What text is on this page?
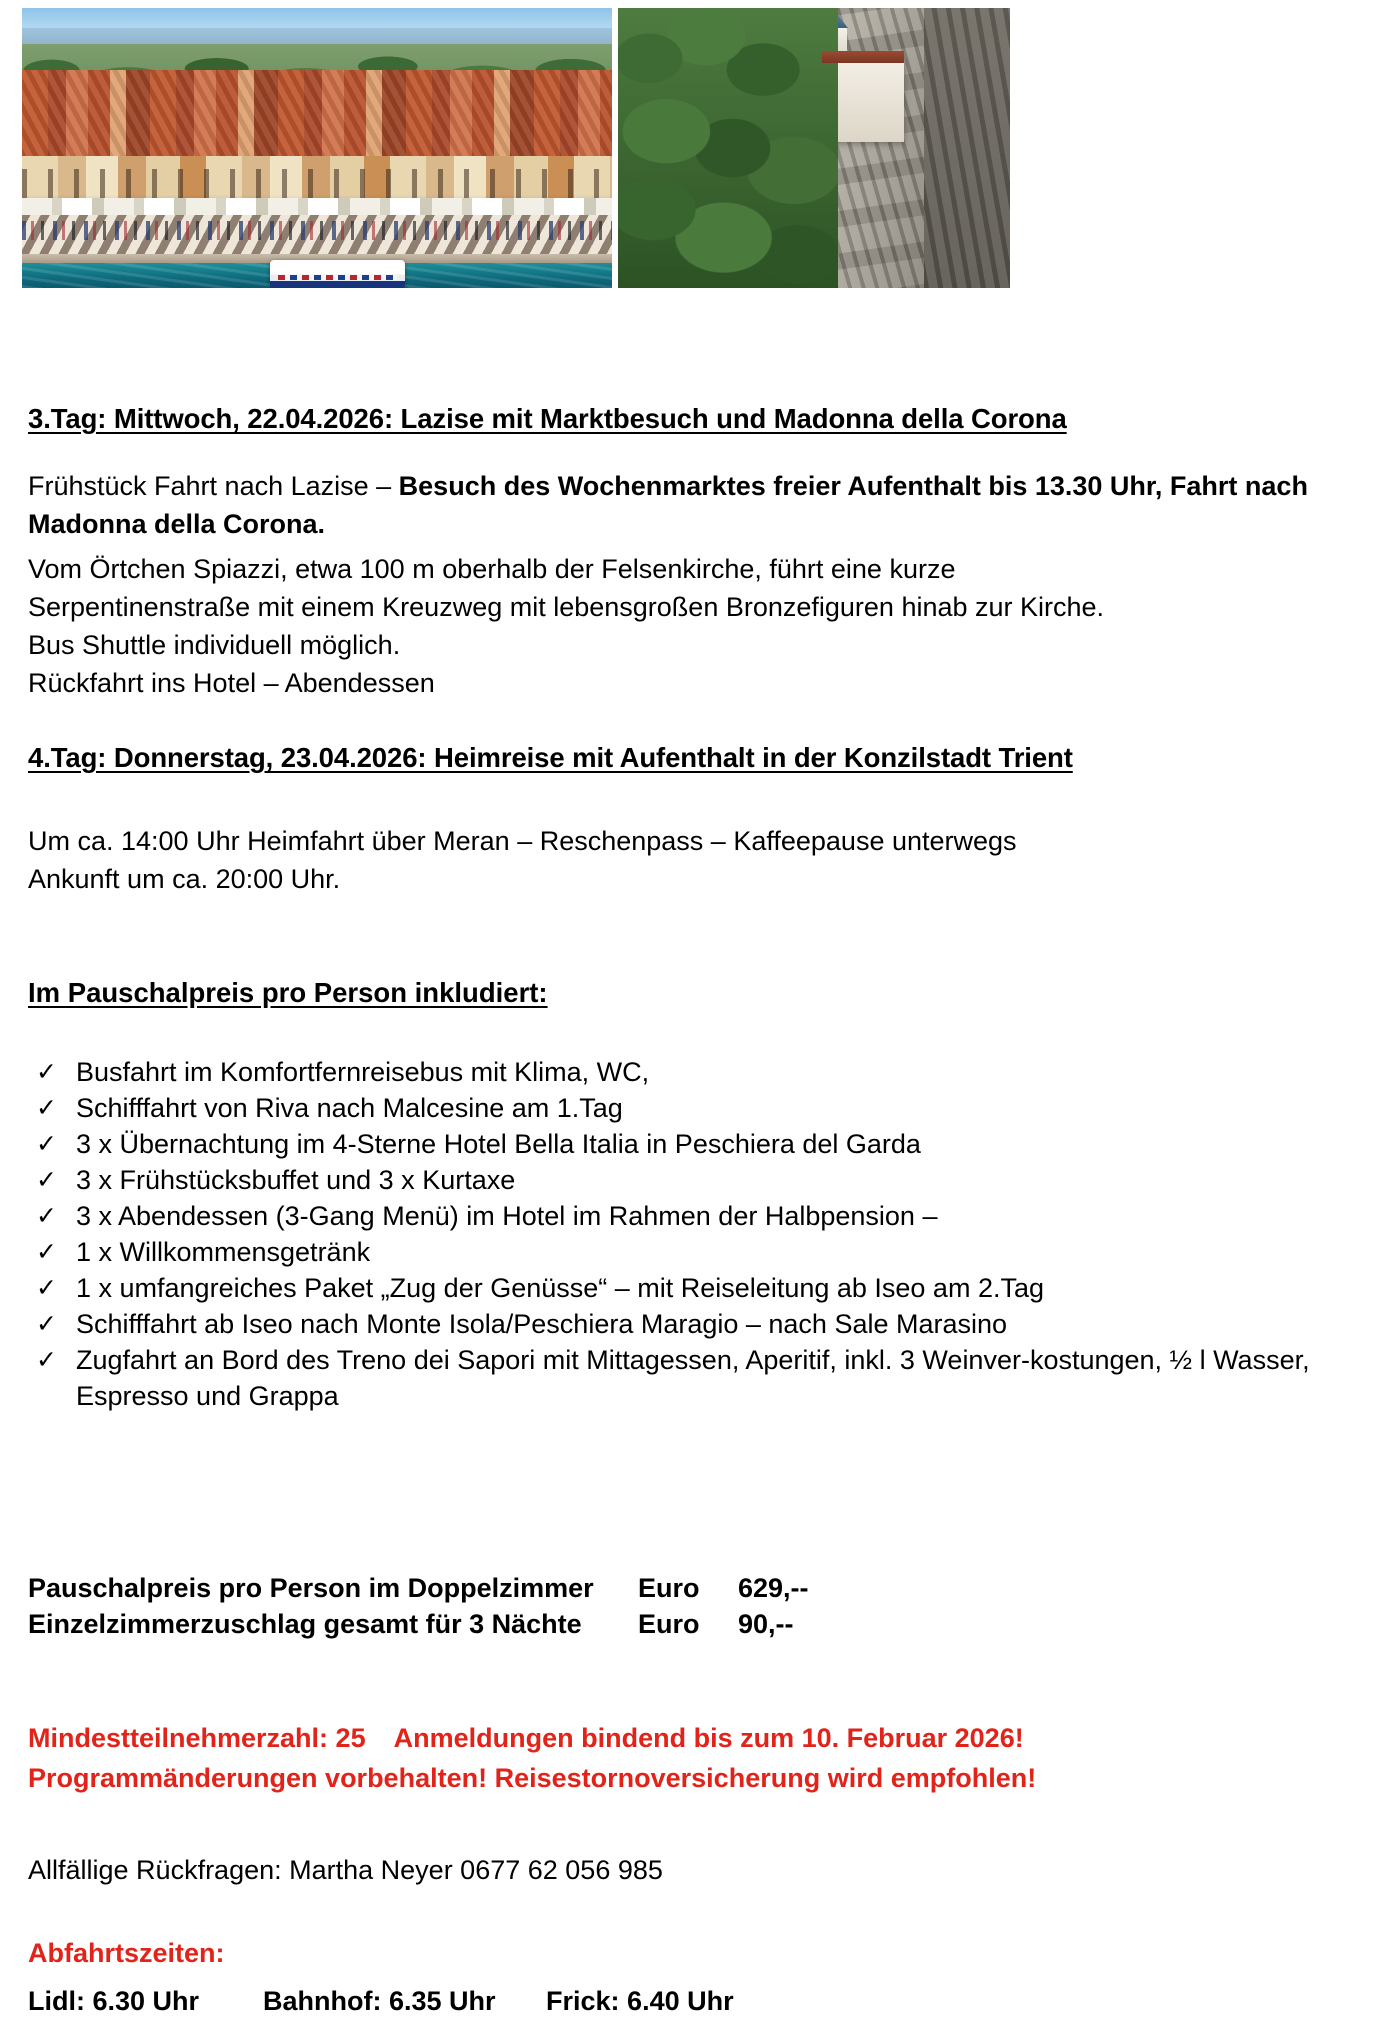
3.Tag: Mittwoch, 22.04.2026: Lazise mit Marktbesuch und Madonna della Corona
Frühstück Fahrt nach Lazise – Besuch des Wochenmarktes freier Aufenthalt bis 13.30 Uhr, Fahrt nach Madonna della Corona.
Vom Örtchen Spiazzi, etwa 100 m oberhalb der Felsenkirche, führt eine kurze
Serpentinenstraße mit einem Kreuzweg mit lebensgroßen Bronzefiguren hinab zur Kirche.
Bus Shuttle individuell möglich.
Rückfahrt ins Hotel – Abendessen
4.Tag: Donnerstag, 23.04.2026: Heimreise mit Aufenthalt in der Konzilstadt Trient
Um ca. 14:00 Uhr Heimfahrt über Meran – Reschenpass – Kaffeepause unterwegs
Ankunft um ca. 20:00 Uhr.
Im Pauschalpreis pro Person inkludiert:
✓ Busfahrt im Komfortfernreisebus mit Klima, WC,
✓ Schifffahrt von Riva nach Malcesine am 1.Tag
✓ 3 x Übernachtung im 4-Sterne Hotel Bella Italia in Peschiera del Garda
✓ 3 x Frühstücksbuffet und 3 x Kurtaxe
✓ 3 x Abendessen (3-Gang Menü) im Hotel im Rahmen der Halbpension –
✓ 1 x Willkommensgetränk
✓ 1 x umfangreiches Paket „Zug der Genüsse“ – mit Reiseleitung ab Iseo am 2.Tag
✓ Schifffahrt ab Iseo nach Monte Isola/Peschiera Maragio – nach Sale Marasino
✓ Zugfahrt an Bord des Treno dei Sapori mit Mittagessen, Aperitif, inkl. 3 Weinver-kostungen, ½ l Wasser, Espresso und Grappa
Pauschalpreis pro Person im Doppelzimmer	Euro	629,--
Einzelzimmerzuschlag gesamt für 3 Nächte	Euro	90,--
Mindestteilnehmerzahl: 25 Anmeldungen bindend bis zum 10. Februar 2026!
Programmänderungen vorbehalten! Reisestornoversicherung wird empfohlen!
Allfällige Rückfragen: Martha Neyer 0677 62 056 985
Abfahrtszeiten:
Lidl: 6.30 Uhr Bahnhof: 6.35 Uhr Frick: 6.40 Uhr
